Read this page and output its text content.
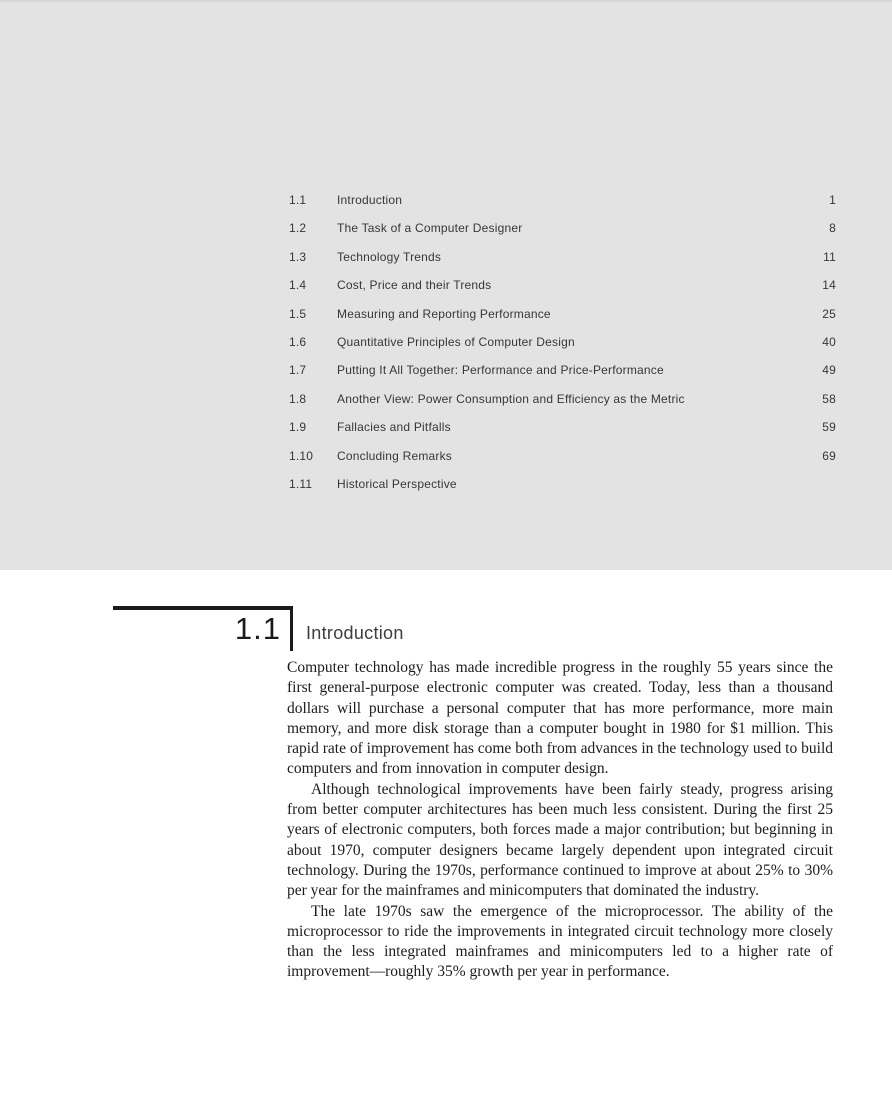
1.1	Introduction	1
1.2	The Task of a Computer Designer	8
1.3	Technology Trends	11
1.4	Cost, Price and their Trends	14
1.5	Measuring and Reporting Performance	25
1.6	Quantitative Principles of Computer Design	40
1.7	Putting It All Together: Performance and Price-Performance	49
1.8	Another View: Power Consumption and Efficiency as the Metric	58
1.9	Fallacies and Pitfalls	59
1.10	Concluding Remarks	69
1.11	Historical Perspective
1.1	Introduction

Computer technology has made incredible progress in the roughly 55 years since the first general-purpose electronic computer was created. Today, less than a thousand dollars will purchase a personal computer that has more performance, more main memory, and more disk storage than a computer bought in 1980 for $1 million. This rapid rate of improvement has come both from advances in the technology used to build computers and from innovation in computer design.

Although technological improvements have been fairly steady, progress arising from better computer architectures has been much less consistent. During the first 25 years of electronic computers, both forces made a major contribution; but beginning in about 1970, computer designers became largely dependent upon integrated circuit technology. During the 1970s, performance continued to improve at about 25% to 30% per year for the mainframes and minicomputers that dominated the industry.

The late 1970s saw the emergence of the microprocessor. The ability of the microprocessor to ride the improvements in integrated circuit technology more closely than the less integrated mainframes and minicomputers led to a higher rate of improvement—roughly 35% growth per year in performance.
